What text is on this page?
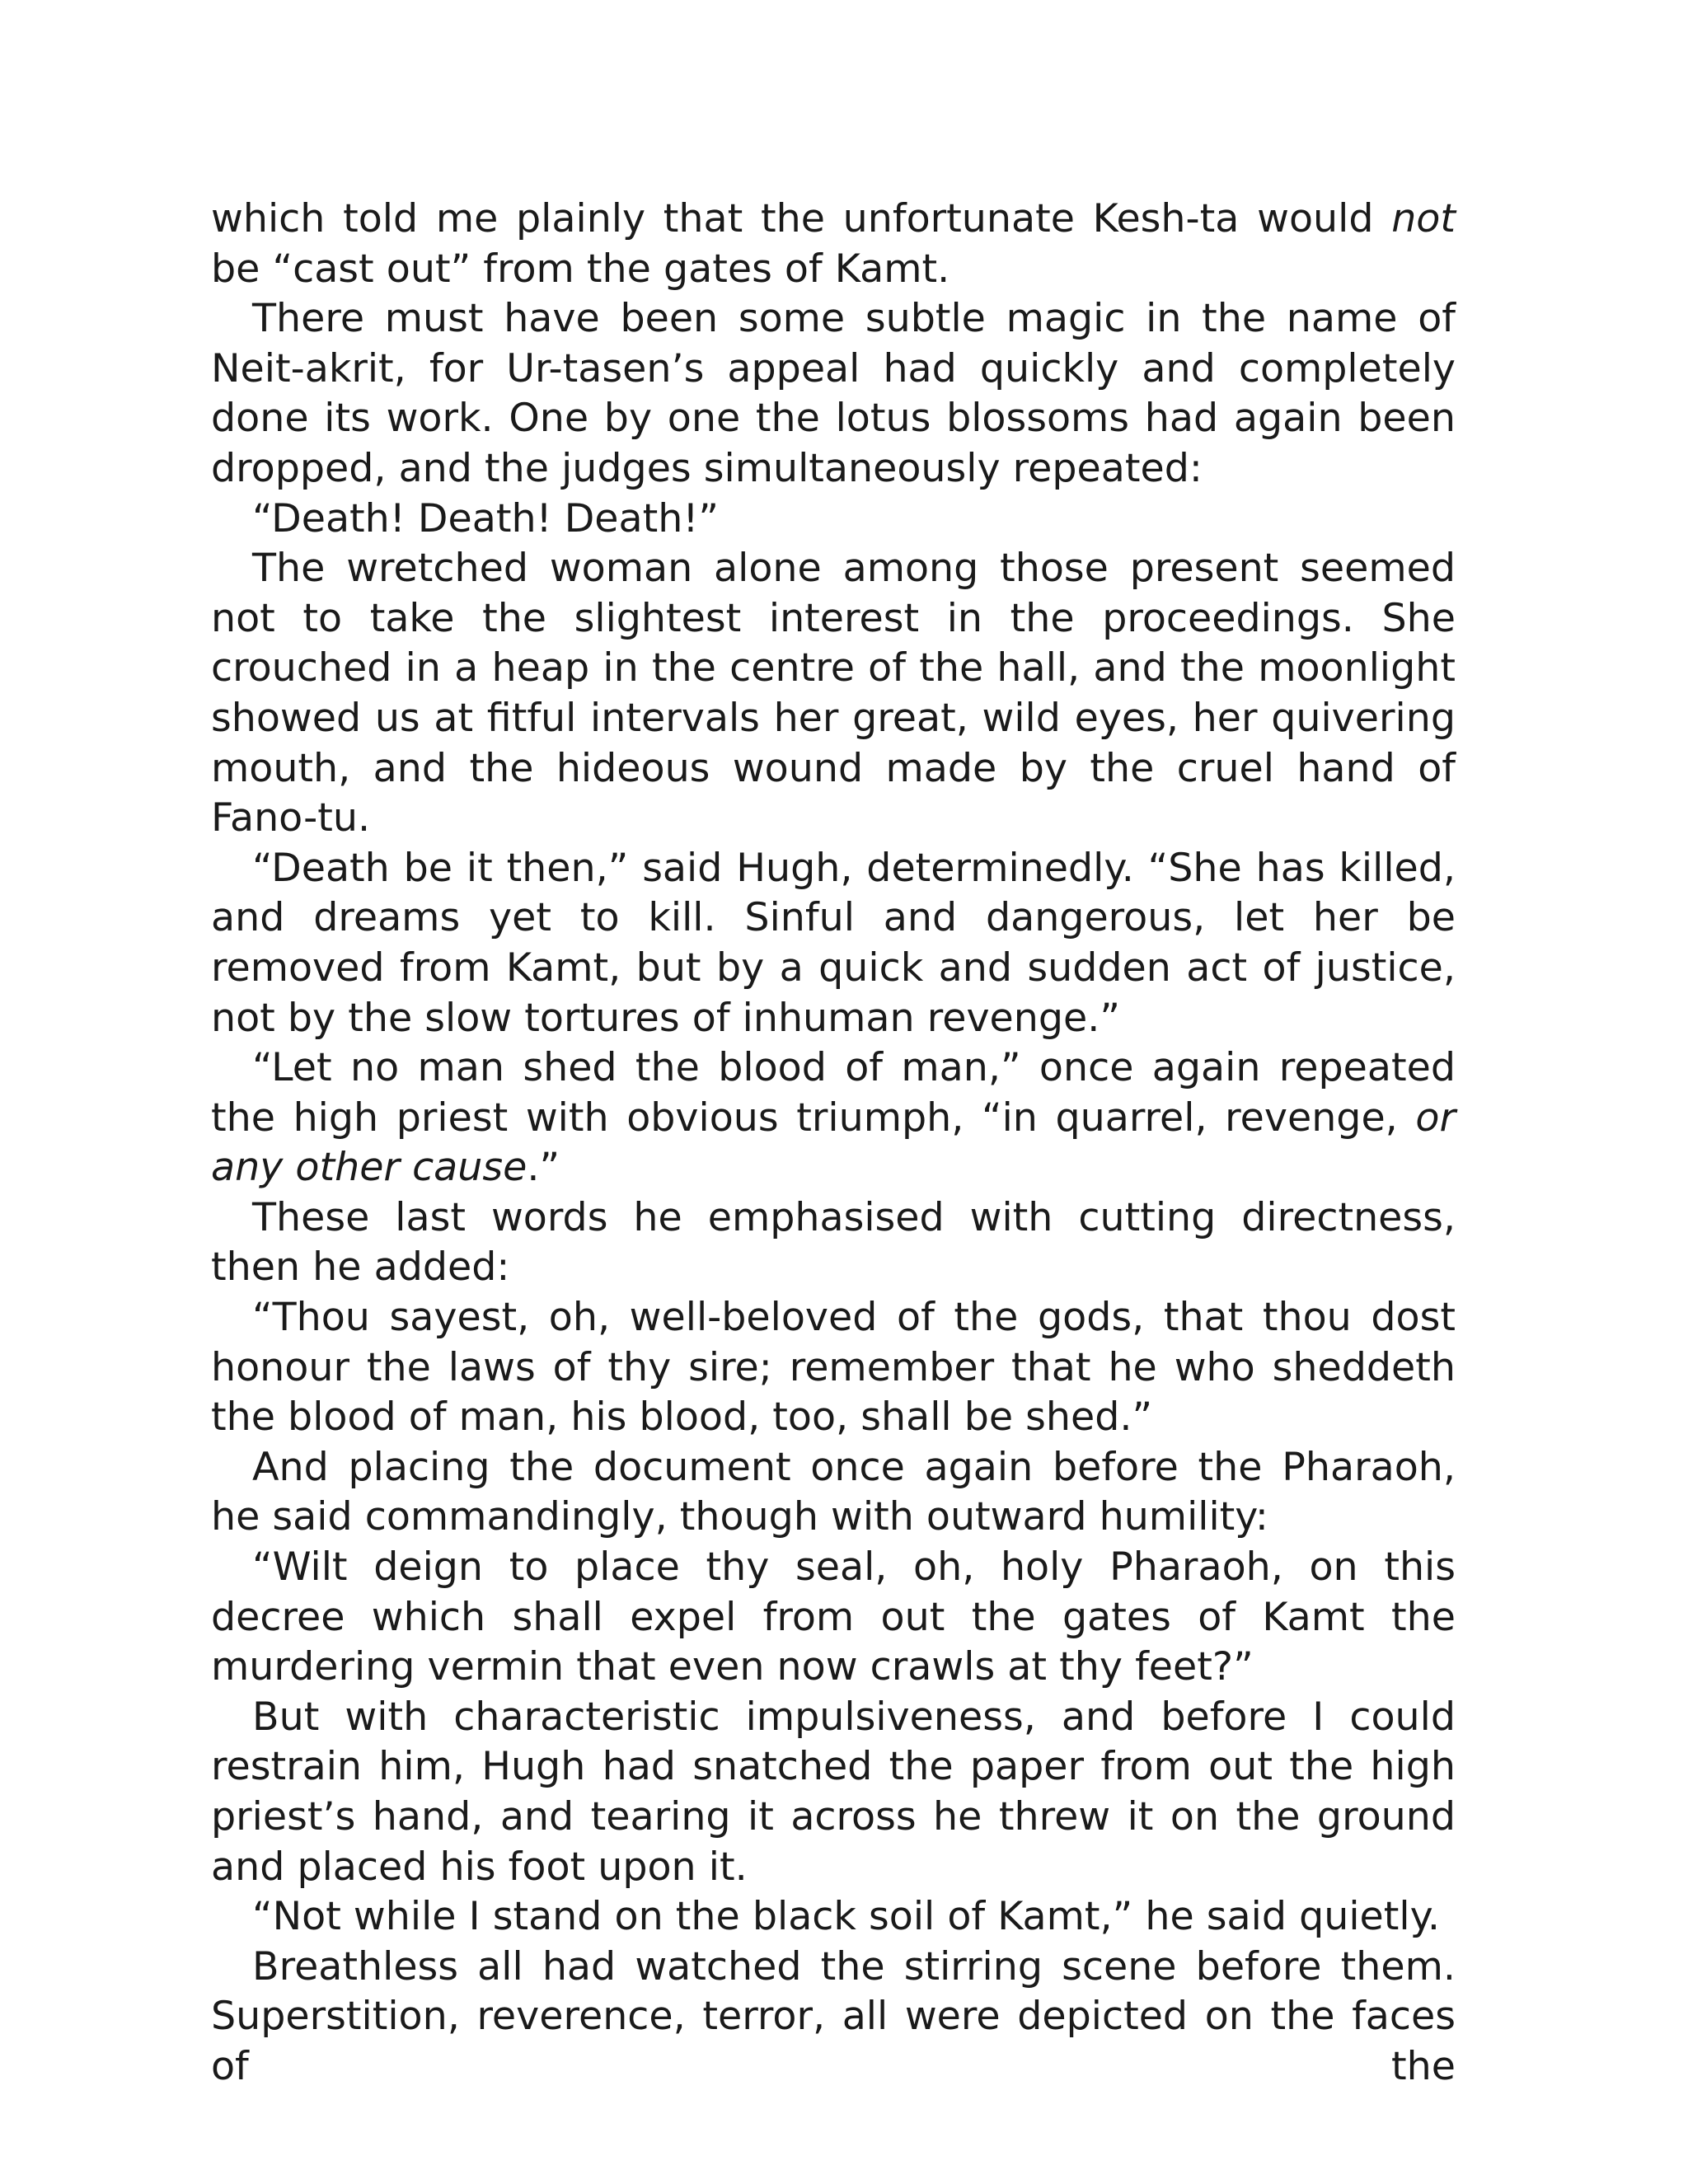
which told me plainly that the unfortunate Kesh-ta would not be “cast out” from the gates of Kamt.

There must have been some subtle magic in the name of Neit-akrit, for Ur-tasen’s appeal had quickly and completely done its work. One by one the lotus blossoms had again been dropped, and the judges simultaneously repeated:

“Death! Death! Death!”

The wretched woman alone among those present seemed not to take the slightest interest in the proceedings. She crouched in a heap in the centre of the hall, and the moonlight showed us at fitful intervals her great, wild eyes, her quivering mouth, and the hideous wound made by the cruel hand of Fano-tu.

“Death be it then,” said Hugh, determinedly. “She has killed, and dreams yet to kill. Sinful and dangerous, let her be removed from Kamt, but by a quick and sudden act of justice, not by the slow tortures of inhuman revenge.”

“Let no man shed the blood of man,” once again repeated the high priest with obvious triumph, “in quarrel, revenge, or any other cause.”

These last words he emphasised with cutting directness, then he added:

“Thou sayest, oh, well-beloved of the gods, that thou dost honour the laws of thy sire; remember that he who sheddeth the blood of man, his blood, too, shall be shed.”

And placing the document once again before the Pharaoh, he said commandingly, though with outward humility:

“Wilt deign to place thy seal, oh, holy Pharaoh, on this decree which shall expel from out the gates of Kamt the murdering vermin that even now crawls at thy feet?”

But with characteristic impulsiveness, and before I could restrain him, Hugh had snatched the paper from out the high priest’s hand, and tearing it across he threw it on the ground and placed his foot upon it.

“Not while I stand on the black soil of Kamt,” he said quietly.

Breathless all had watched the stirring scene before them. Superstition, reverence, terror, all were depicted on the faces of the
